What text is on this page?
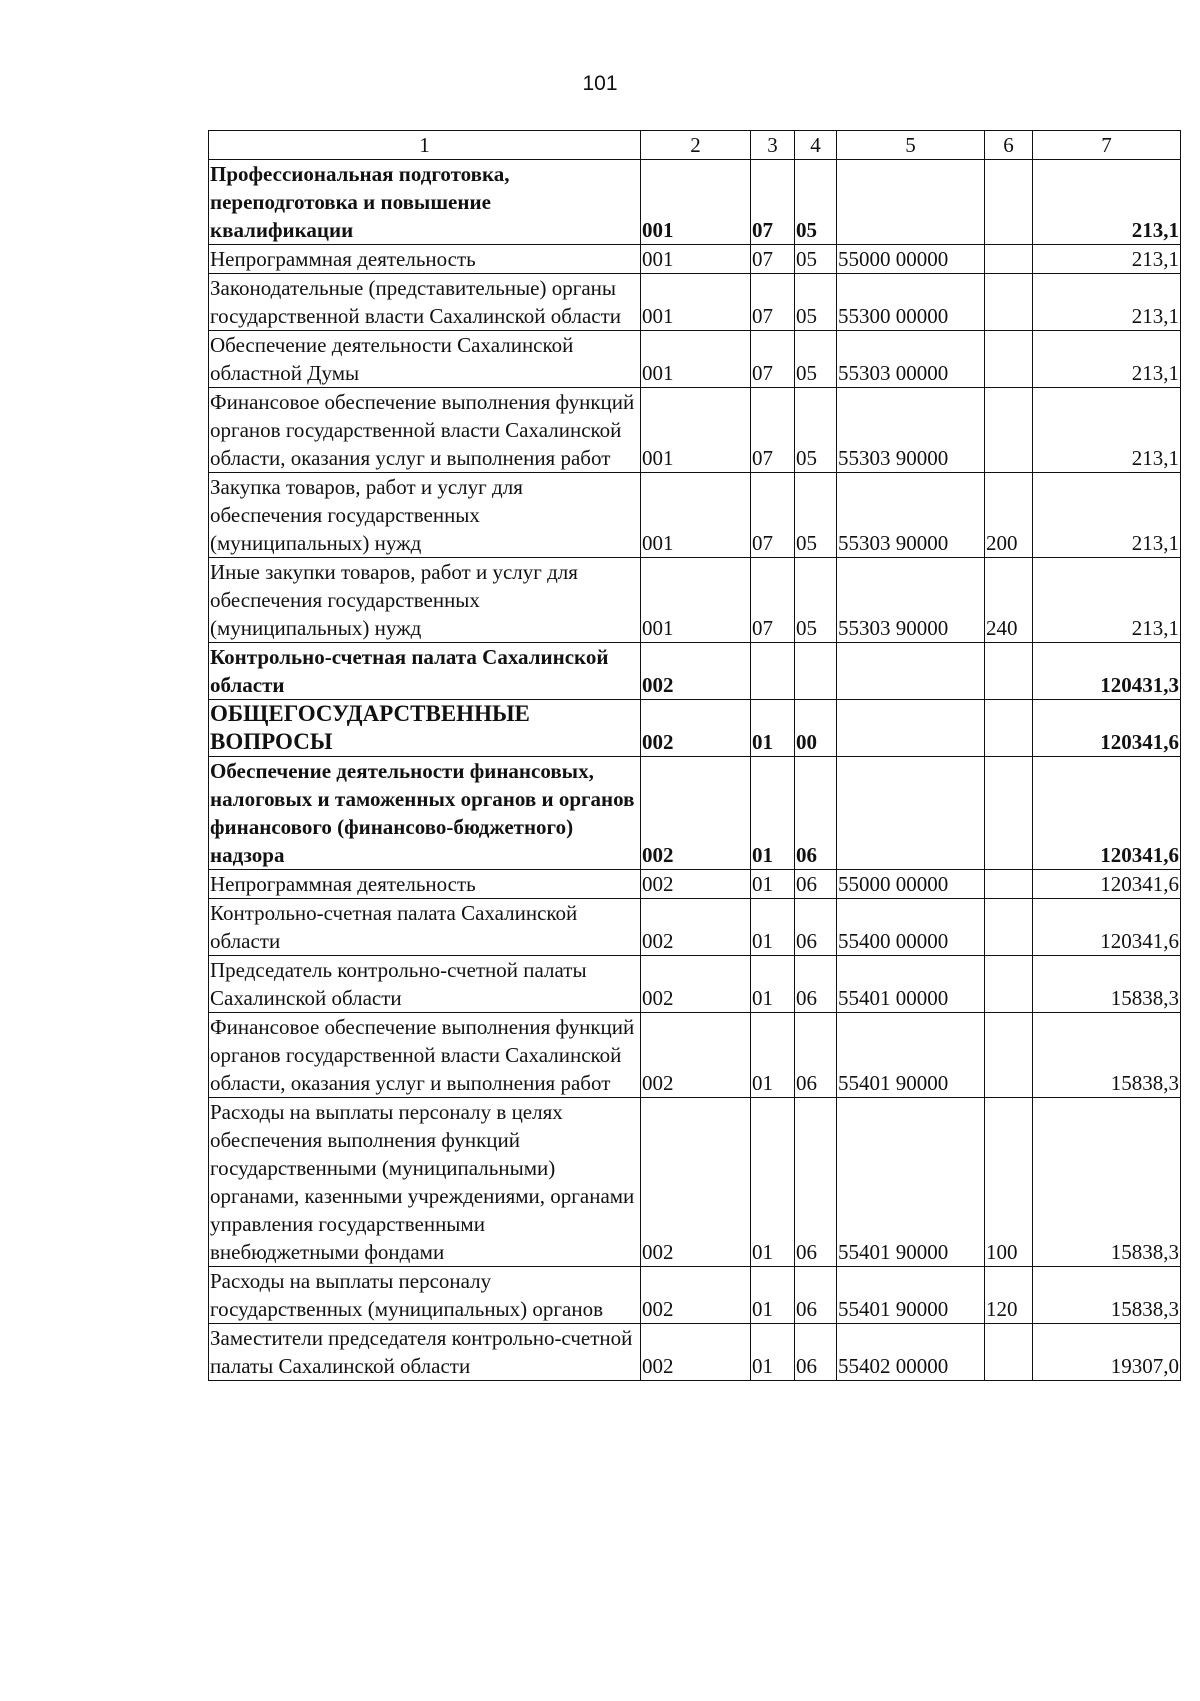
101
1	2	3	4	5	6	7
Профессиональная подготовка, переподготовка и повышение квалификации	001	07	05			213,1
Непрограммная деятельность	001	07	05	55000 00000		213,1
Законодательные (представительные) органы государственной власти Сахалинской области	001	07	05	55300 00000		213,1
Обеспечение деятельности Сахалинской областной Думы	001	07	05	55303 00000		213,1
Финансовое обеспечение выполнения функций органов государственной власти Сахалинской области, оказания услуг и выполнения работ	001	07	05	55303 90000		213,1
Закупка товаров, работ и услуг для обеспечения государственных (муниципальных) нужд	001	07	05	55303 90000	200	213,1
Иные закупки товаров, работ и услуг для обеспечения государственных (муниципальных) нужд	001	07	05	55303 90000	240	213,1
Контрольно-счетная палата Сахалинской области	002					120431,3
ОБЩЕГОСУДАРСТВЕННЫЕ ВОПРОСЫ	002	01	00			120341,6
Обеспечение деятельности финансовых, налоговых и таможенных органов и органов финансового (финансово-бюджетного) надзора	002	01	06			120341,6
Непрограммная деятельность	002	01	06	55000 00000		120341,6
Контрольно-счетная палата Сахалинской области	002	01	06	55400 00000		120341,6
Председатель контрольно-счетной палаты Сахалинской области	002	01	06	55401 00000		15838,3
Финансовое обеспечение выполнения функций органов государственной власти Сахалинской области, оказания услуг и выполнения работ	002	01	06	55401 90000		15838,3
Расходы на выплаты персоналу в целях обеспечения выполнения функций государственными (муниципальными) органами, казенными учреждениями, органами управления государственными внебюджетными фондами	002	01	06	55401 90000	100	15838,3
Расходы на выплаты персоналу государственных (муниципальных) органов	002	01	06	55401 90000	120	15838,3
Заместители председателя контрольно-счетной палаты Сахалинской области	002	01	06	55402 00000		19307,0
